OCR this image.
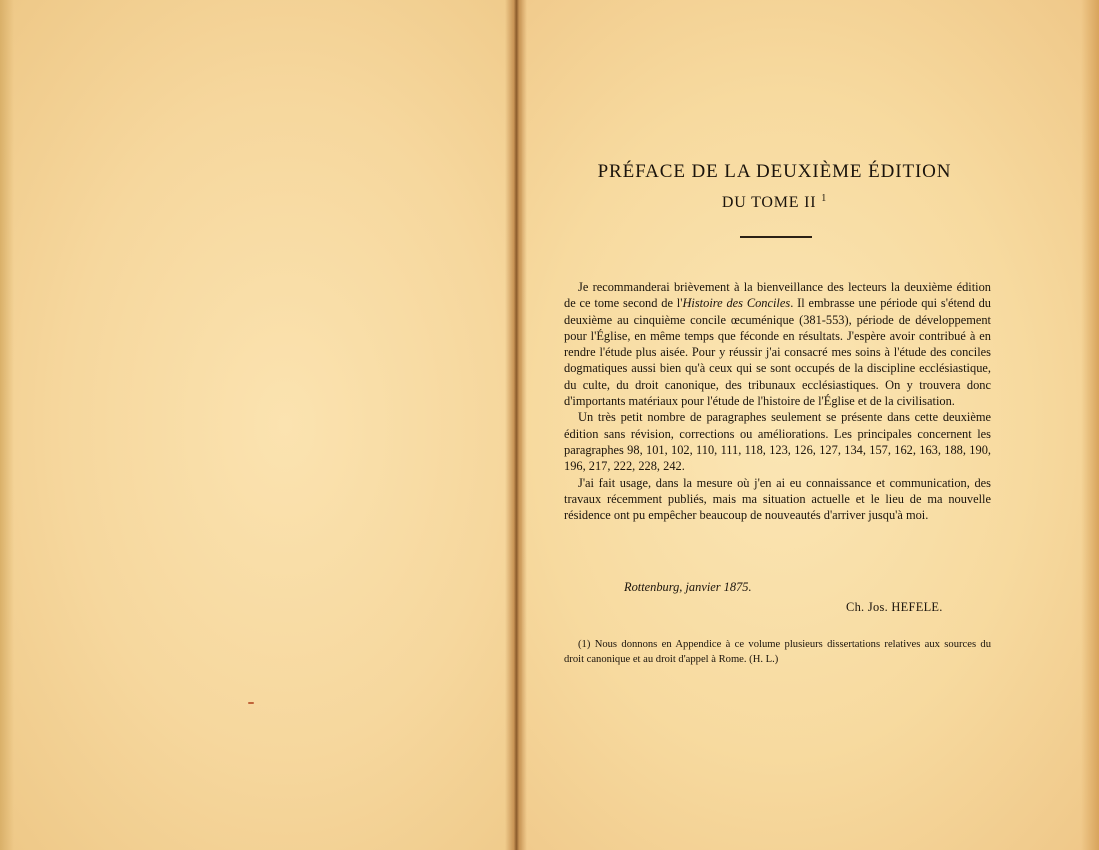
PRÉFACE DE LA DEUXIÈME ÉDITION
DU TOME II $^1$

Je recommanderai brièvement à la bienveillance des lecteurs la deuxième édition de ce tome second de l'Histoire des Conciles. Il embrasse une période qui s'étend du deuxième au cinquième concile œcuménique (381-553), période de développement pour l'Église, en même temps que féconde en résultats. J'espère avoir contribué à en rendre l'étude plus aisée. Pour y réussir j'ai consacré mes soins à l'étude des conciles dogmatiques aussi bien qu'à ceux qui se sont occupés de la discipline ecclésiastique, du culte, du droit canonique, des tribunaux ecclésiastiques. On y trouvera donc d'importants matériaux pour l'étude de l'histoire de l'Église et de la civilisation.

Un très petit nombre de paragraphes seulement se présente dans cette deuxième édition sans révision, corrections ou améliorations. Les principales concernent les paragraphes 98, 101, 102, 110, 111, 118, 123, 126, 127, 134, 157, 162, 163, 188, 190, 196, 217, 222, 228, 242.

J'ai fait usage, dans la mesure où j'en ai eu connaissance et communication, des travaux récemment publiés, mais ma situation actuelle et le lieu de ma nouvelle résidence ont pu empêcher beaucoup de nouveautés d'arriver jusqu'à moi.

Rottenburg, janvier 1875.
Ch. Jos. HEFELE.

(1) Nous donnons en Appendice à ce volume plusieurs dissertations relatives aux sources du droit canonique et au droit d'appel à Rome. (H. L.)
